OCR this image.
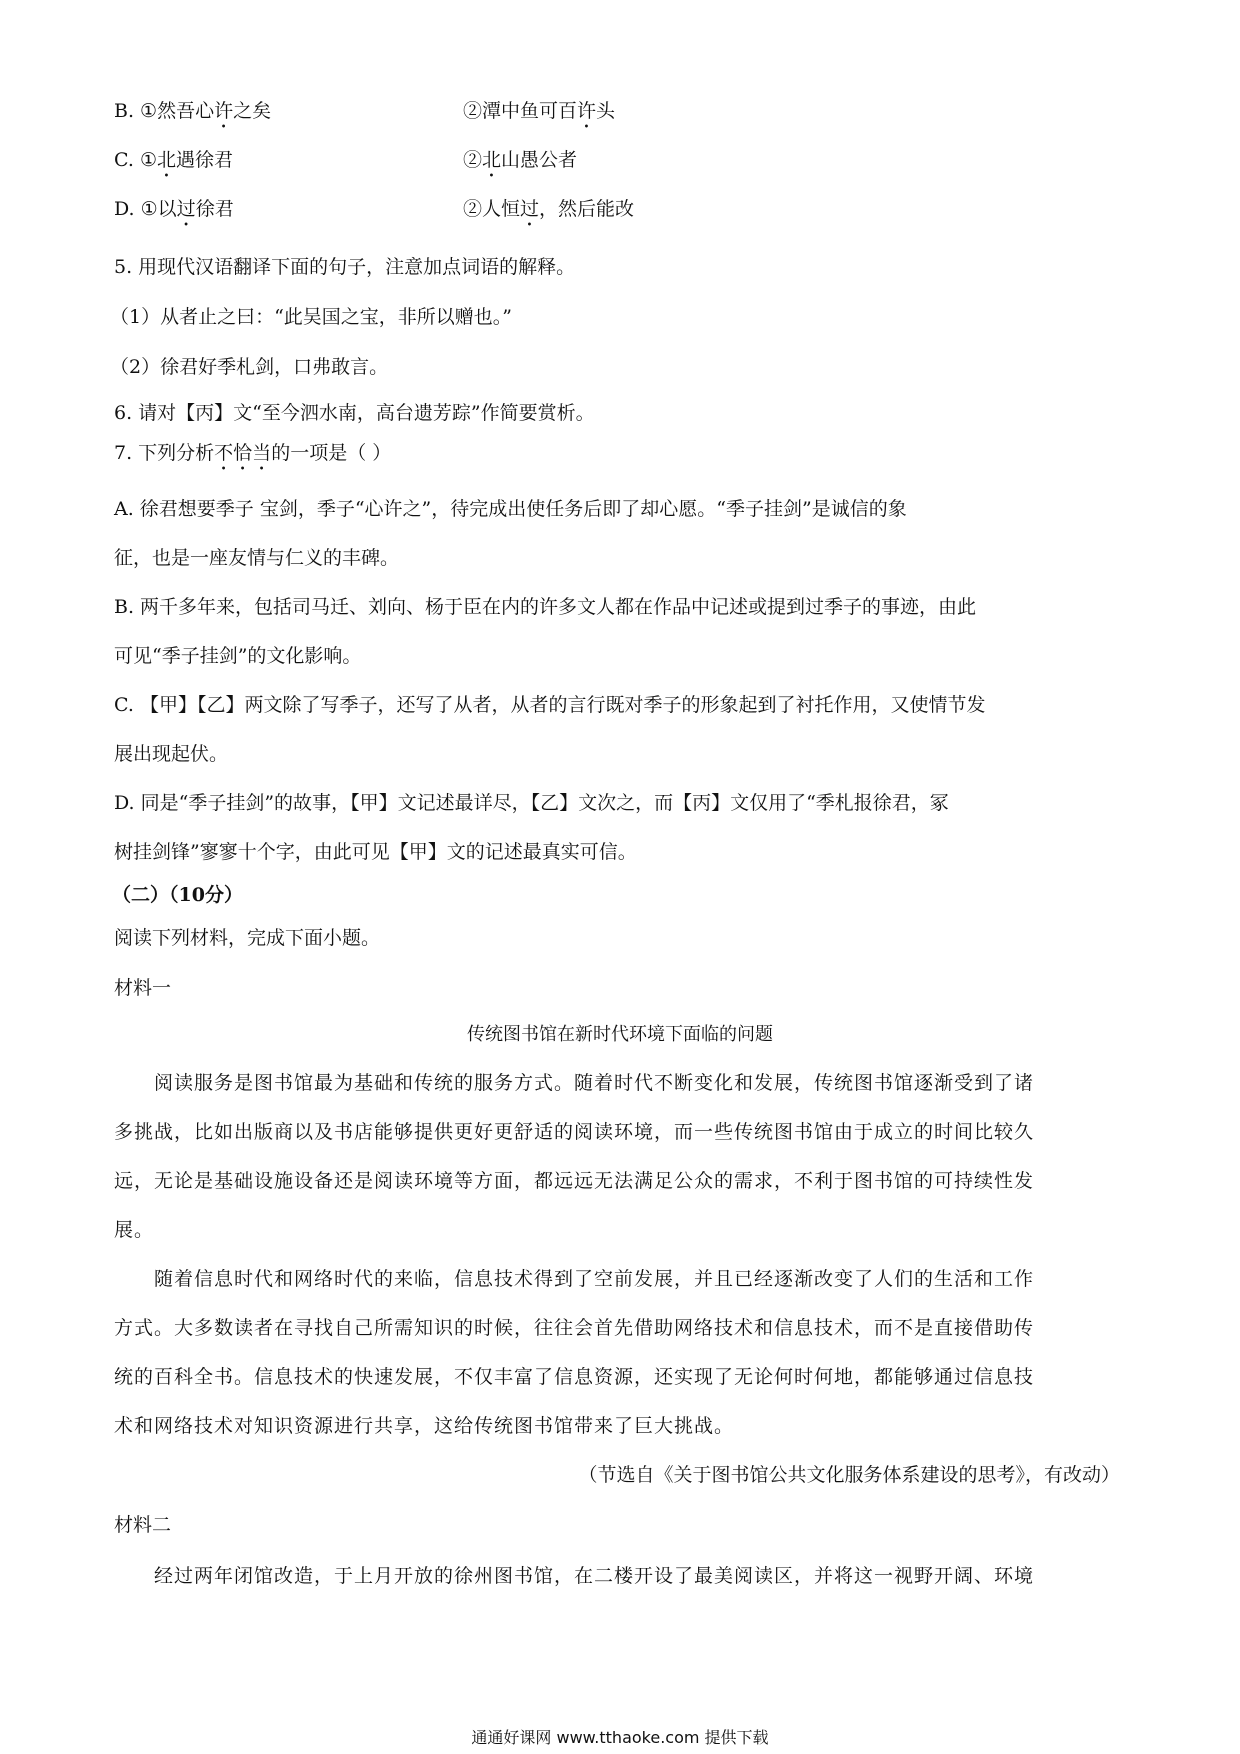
B. ①然吾心许之矣	②潭中鱼可百许头
C. ①北遇徐君	②北山愚公者
D. ①以过徐君	②人恒过，然后能改
5. 用现代汉语翻译下面的句子，注意加点词语的解释。
（1）从者止之曰：“此吴国之宝，非所以赠也。”
（2）徐君好季札剑，口弗敢言。
6. 请对【丙】文“至今泗水南，高台遗芳踪”作简要赏析。
7. 下列分析不恰当的一项是（ ）
A. 徐君想要季子 宝剑，季子“心许之”，待完成出使任务后即了却心愿。“季子挂剑”是诚信的象
征，也是一座友情与仁义的丰碑。
B. 两千多年来，包括司马迁、刘向、杨于臣在内的许多文人都在作品中记述或提到过季子的事迹，由此
可见“季子挂剑”的文化影响。
C. 【甲】【乙】两文除了写季子，还写了从者，从者的言行既对季子的形象起到了衬托作用，又使情节发
展出现起伏。
D. 同是“季子挂剑”的故事，【甲】文记述最详尽，【乙】文次之，而【丙】文仅用了“季札报徐君，冢
树挂剑锋”寥寥十个字，由此可见【甲】文的记述最真实可信。
（二）（10分）
阅读下列材料，完成下面小题。
材料一
传统图书馆在新时代环境下面临的问题
阅读服务是图书馆最为基础和传统的服务方式。随着时代不断变化和发展，传统图书馆逐渐受到了诸
多挑战，比如出版商以及书店能够提供更好更舒适的阅读环境，而一些传统图书馆由于成立的时间比较久
远，无论是基础设施设备还是阅读环境等方面，都远远无法满足公众的需求，不利于图书馆的可持续性发
展。
随着信息时代和网络时代的来临，信息技术得到了空前发展，并且已经逐渐改变了人们的生活和工作
方式。大多数读者在寻找自己所需知识的时候，往往会首先借助网络技术和信息技术，而不是直接借助传
统的百科全书。信息技术的快速发展，不仅丰富了信息资源，还实现了无论何时何地，都能够通过信息技
术和网络技术对知识资源进行共享，这给传统图书馆带来了巨大挑战。
（节选自《关于图书馆公共文化服务体系建设的思考》，有改动）
材料二
经过两年闭馆改造，于上月开放的徐州图书馆，在二楼开设了最美阅读区，并将这一视野开阔、环境
通通好课网 www.tthaoke.com 提供下载
